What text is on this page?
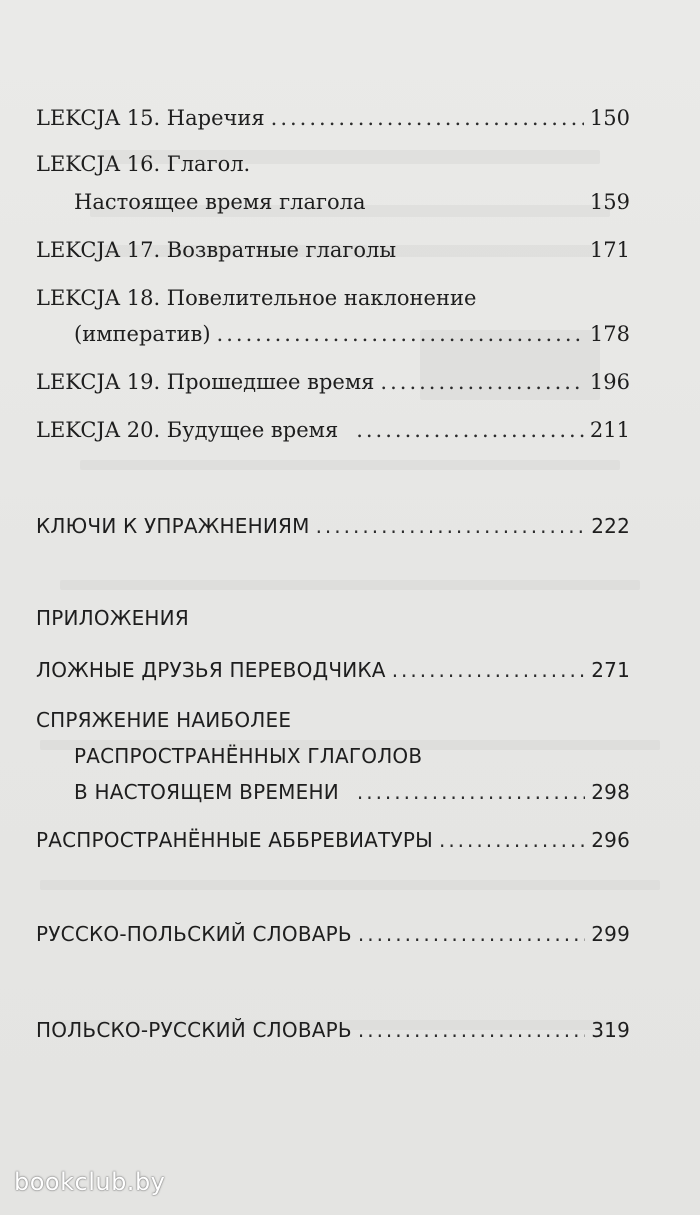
LEKCJA 15. Наречия .....	150
LEKCJA 16. Глагол.
Настоящее время глагола	159
LEKCJA 17. Возвратные глаголы	171
LEKCJA 18. Повелительное наклонение
(императив) .....	178
LEKCJA 19. Прошедшее время .....	196
LEKCJA 20. Будущее время .....	211
КЛЮЧИ К УПРАЖНЕНИЯМ .....	222
ПРИЛОЖЕНИЯ
ЛОЖНЫЕ ДРУЗЬЯ ПЕРЕВОДЧИКА .....	271
СПРЯЖЕНИЕ НАИБОЛЕЕ
РАСПРОСТРАНЁННЫХ ГЛАГОЛОВ
В НАСТОЯЩЕМ ВРЕМЕНИ .....	298
РАСПРОСТРАНЁННЫЕ АББРЕВИАТУРЫ .....	296
РУССКО-ПОЛЬСКИЙ СЛОВАРЬ .....	299
ПОЛЬСКО-РУССКИЙ СЛОВАРЬ .....	319
bookclub.by
